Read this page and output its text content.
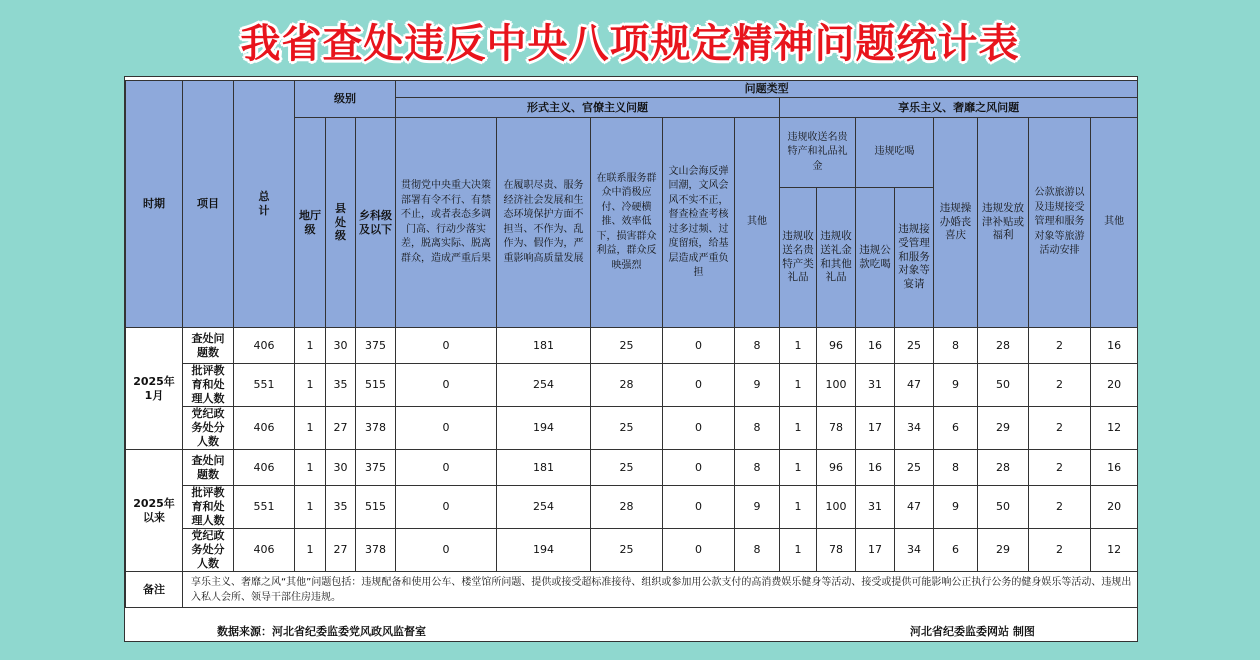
我省查处违反中央八项规定精神问题统计表
时期	项目	总计	级别			问题类型												
						形式主义、官僚主义问题					享乐主义、奢靡之风问题							
			地厅级	县处级	乡科级及以下	贯彻党中央重大决策部署有令不行、有禁不止，或者表态多调门高、行动少落实差，脱离实际、脱离群众，造成严重后果	在履职尽责、服务经济社会发展和生态环境保护方面不担当、不作为、乱作为、假作为，严重影响高质量发展	在联系服务群众中消极应付、冷硬横推、效率低下，损害群众利益，群众反映强烈	文山会海反弹回潮，文风会风不实不正，督查检查考核过多过频、过度留痕，给基层造成严重负担	其他	违规收送名贵特产和礼品礼金		违规吃喝		违规操办婚丧喜庆	违规发放津补贴或福利	公款旅游以及违规接受管理和服务对象等旅游活动安排	其他
											违规收送名贵特产类礼品	违规收送礼金和其他礼品	违规公款吃喝	违规接受管理和服务对象等宴请				

2025年1月	查处问题数	406	1	30	375	0	181	25	0	8	1	96	16	25	8	28	2	16
	批评教育和处理人数	551	1	35	515	0	254	28	0	9	1	100	31	47	9	50	2	20
	党纪政务处分人数	406	1	27	378	0	194	25	0	8	1	78	17	34	6	29	2	12
2025年以来	查处问题数	406	1	30	375	0	181	25	0	8	1	96	16	25	8	28	2	16
	批评教育和处理人数	551	1	35	515	0	254	28	0	9	1	100	31	47	9	50	2	20
	党纪政务处分人数	406	1	27	378	0	194	25	0	8	1	78	17	34	6	29	2	12
备注	享乐主义、奢靡之风“其他”问题包括：违规配备和使用公车、楼堂馆所问题、提供或接受超标准接待、组织或参加用公款支付的高消费娱乐健身等活动、接受或提供可能影响公正执行公务的健身娱乐等活动、违规出入私人会所、领导干部住房违规。																	
数据来源：河北省纪委监委党风政风监督室	河北省纪委监委网站 制图
